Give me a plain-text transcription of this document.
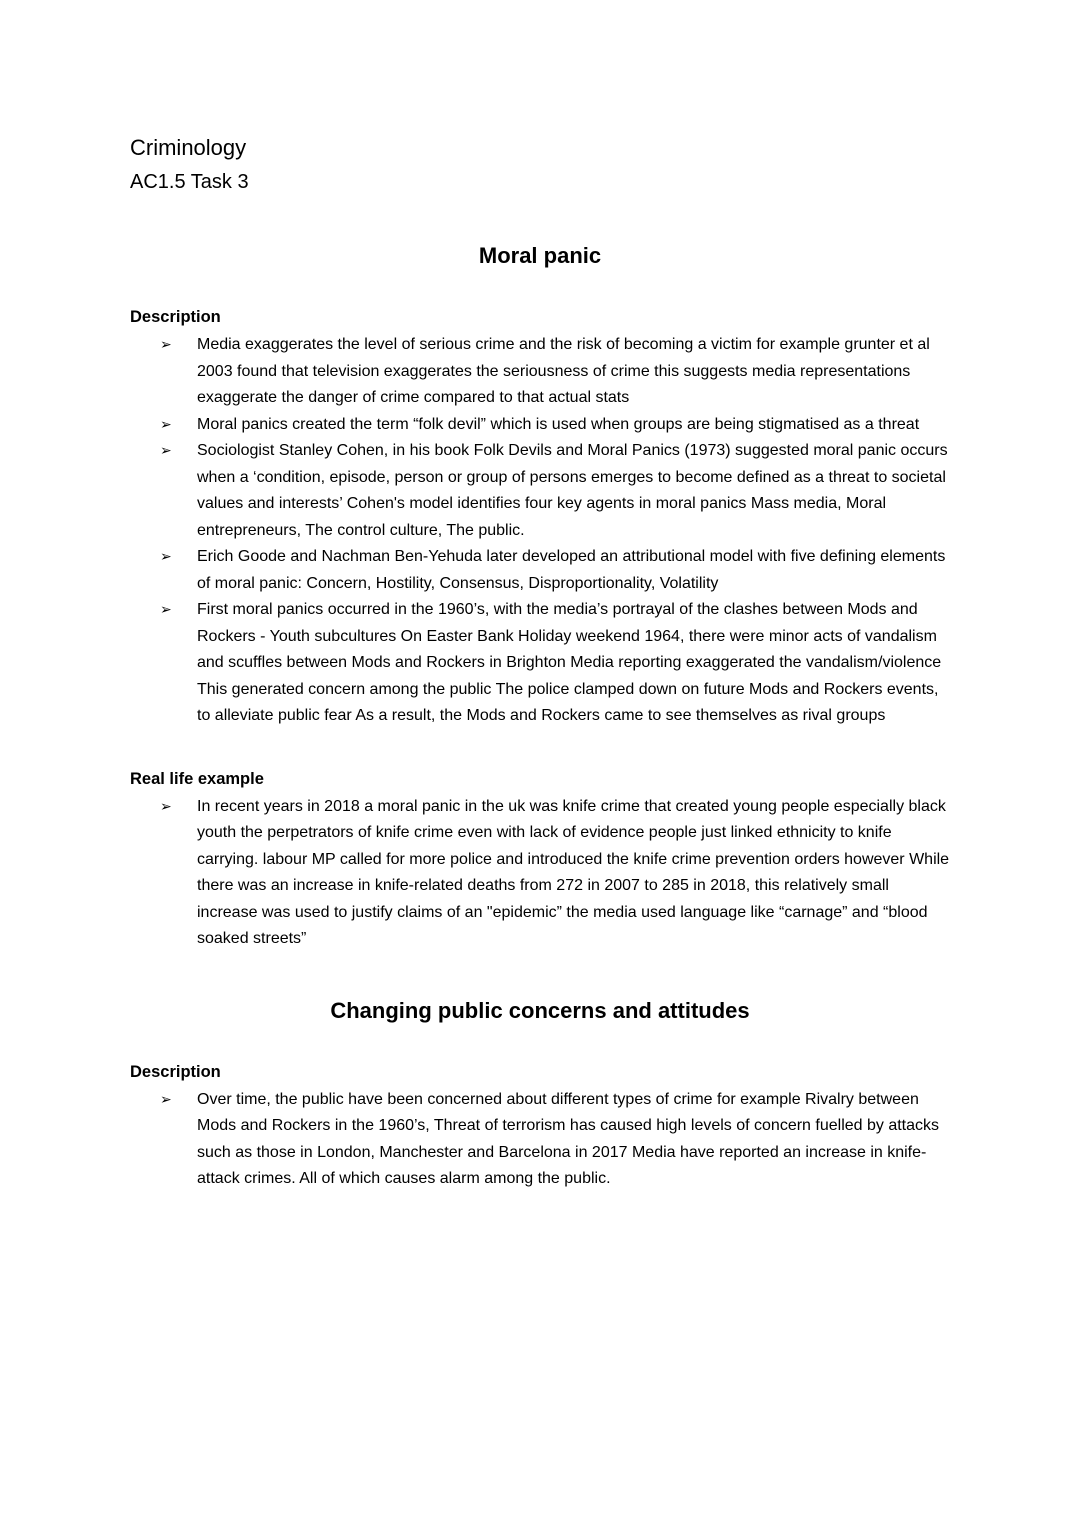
Criminology
AC1.5 Task 3
Moral panic
Description
➢	Media exaggerates the level of serious crime and the risk of becoming a victim for example grunter et al 2003 found that television exaggerates the seriousness of crime this suggests media representations exaggerate the danger of crime compared to that actual stats
➢	Moral panics created the term “folk devil” which is used when groups are being stigmatised as a threat
➢	Sociologist Stanley Cohen, in his book Folk Devils and Moral Panics (1973) suggested moral panic occurs when a ‘condition, episode, person or group of persons emerges to become defined as a threat to societal values and interests’ Cohen's model identifies four key agents in moral panics Mass media, Moral entrepreneurs, The control culture, The public.
➢	Erich Goode and Nachman Ben-Yehuda later developed an attributional model with five defining elements of moral panic: Concern, Hostility, Consensus, Disproportionality, Volatility
➢	First moral panics occurred in the 1960’s, with the media’s portrayal of the clashes between Mods and Rockers - Youth subcultures On Easter Bank Holiday weekend 1964, there were minor acts of vandalism and scuffles between Mods and Rockers in Brighton Media reporting exaggerated the vandalism/violence This generated concern among the public The police clamped down on future Mods and Rockers events, to alleviate public fear As a result, the Mods and Rockers came to see themselves as rival groups
Real life example
➢	In recent years in 2018 a moral panic in the uk was knife crime that created young people especially black youth the perpetrators of knife crime even with lack of evidence people just linked ethnicity to knife carrying. labour MP called for more police and introduced the knife crime prevention orders however While there was an increase in knife-related deaths from 272 in 2007 to 285 in 2018, this relatively small increase was used to justify claims of an "epidemic” the media used language like “carnage” and “blood soaked streets”
Changing public concerns and attitudes
Description
➢	Over time, the public have been concerned about different types of crime for example Rivalry between Mods and Rockers in the 1960’s, Threat of terrorism has caused high levels of concern fuelled by attacks such as those in London, Manchester and Barcelona in 2017 Media have reported an increase in knife-attack crimes. All of which causes alarm among the public.
